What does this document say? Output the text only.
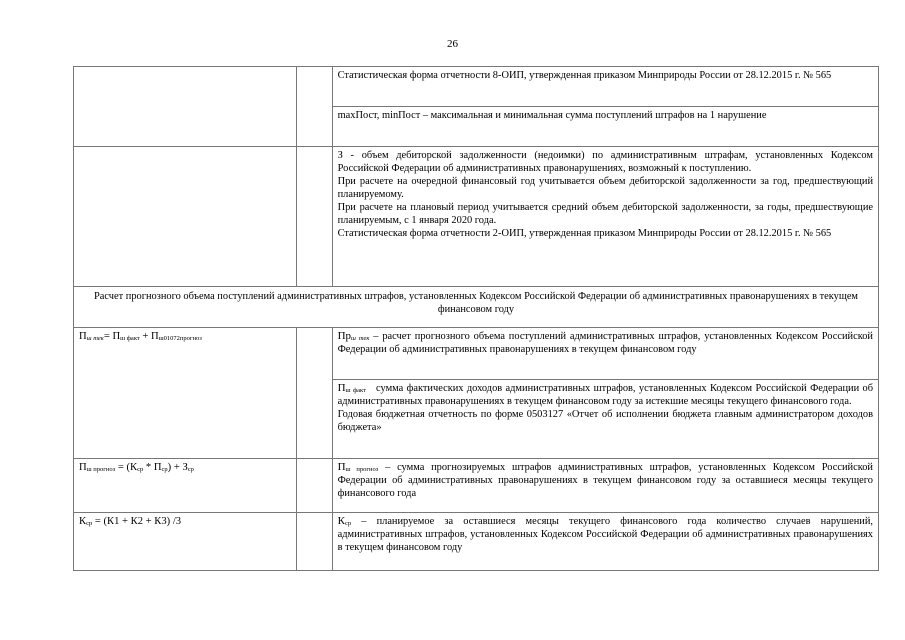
26

		Статистическая форма отчетности 8-ОИП, утвержденная приказом Минприроды России от 28.12.2015 г. № 565

		maxПост, minПост – максимальная и минимальная сумма поступлений штрафов на 1 нарушение

		З - объем дебиторской задолженности (недоимки) по административным штрафам, установленных Кодексом Российской Федерации об административных правонарушениях, возможный к поступлению.

При расчете на очередной финансовый год учитывается объем дебиторской задолженности за год, предшествующий планируемому.

При расчете на плановый период учитывается средний объем дебиторской задолженности, за годы, предшествующие планируемым, с 1 января 2020 года.

Статистическая форма отчетности 2-ОИП, утвержденная приказом Минприроды России от 28.12.2015 г. № 565

Расчет прогнозного объема поступлений административных штрафов, установленных Кодексом Российской Федерации об административных правонарушениях в текущем финансовом году		
$П_{ш тек}= П_{ш факт} + П_{ш01072прогноз}$		$Пр_{ш тек}$ – расчет прогнозного объема поступлений административных штрафов, установленных Кодексом Российской Федерации об административных правонарушениях в текущем финансовом году

		$П_{ш факт}$   сумма фактических доходов административных штрафов, установленных Кодексом Российской Федерации об административных правонарушениях в текущем финансовом году за истекшие месяцы текущего финансового года.

Годовая бюджетная отчетность по форме 0503127 «Отчет об исполнении бюджета главным администратором доходов бюджета»

$П_{ш прогноз} = (К_{ср} * П_{ср}) + З_{ср}$		$П_{ш прогноз}$ – сумма прогнозируемых штрафов административных штрафов, установленных Кодексом Российской Федерации об административных правонарушениях в текущем финансовом году за оставшиеся месяцы текущего финансового года

$К_{ср} = (К1 + К2 + К3)$ /3		$К_{ср}$ – планируемое за оставшиеся месяцы текущего финансового года количество случаев нарушений, административных штрафов, установленных Кодексом Российской Федерации об административных правонарушениях в текущем финансовом году
